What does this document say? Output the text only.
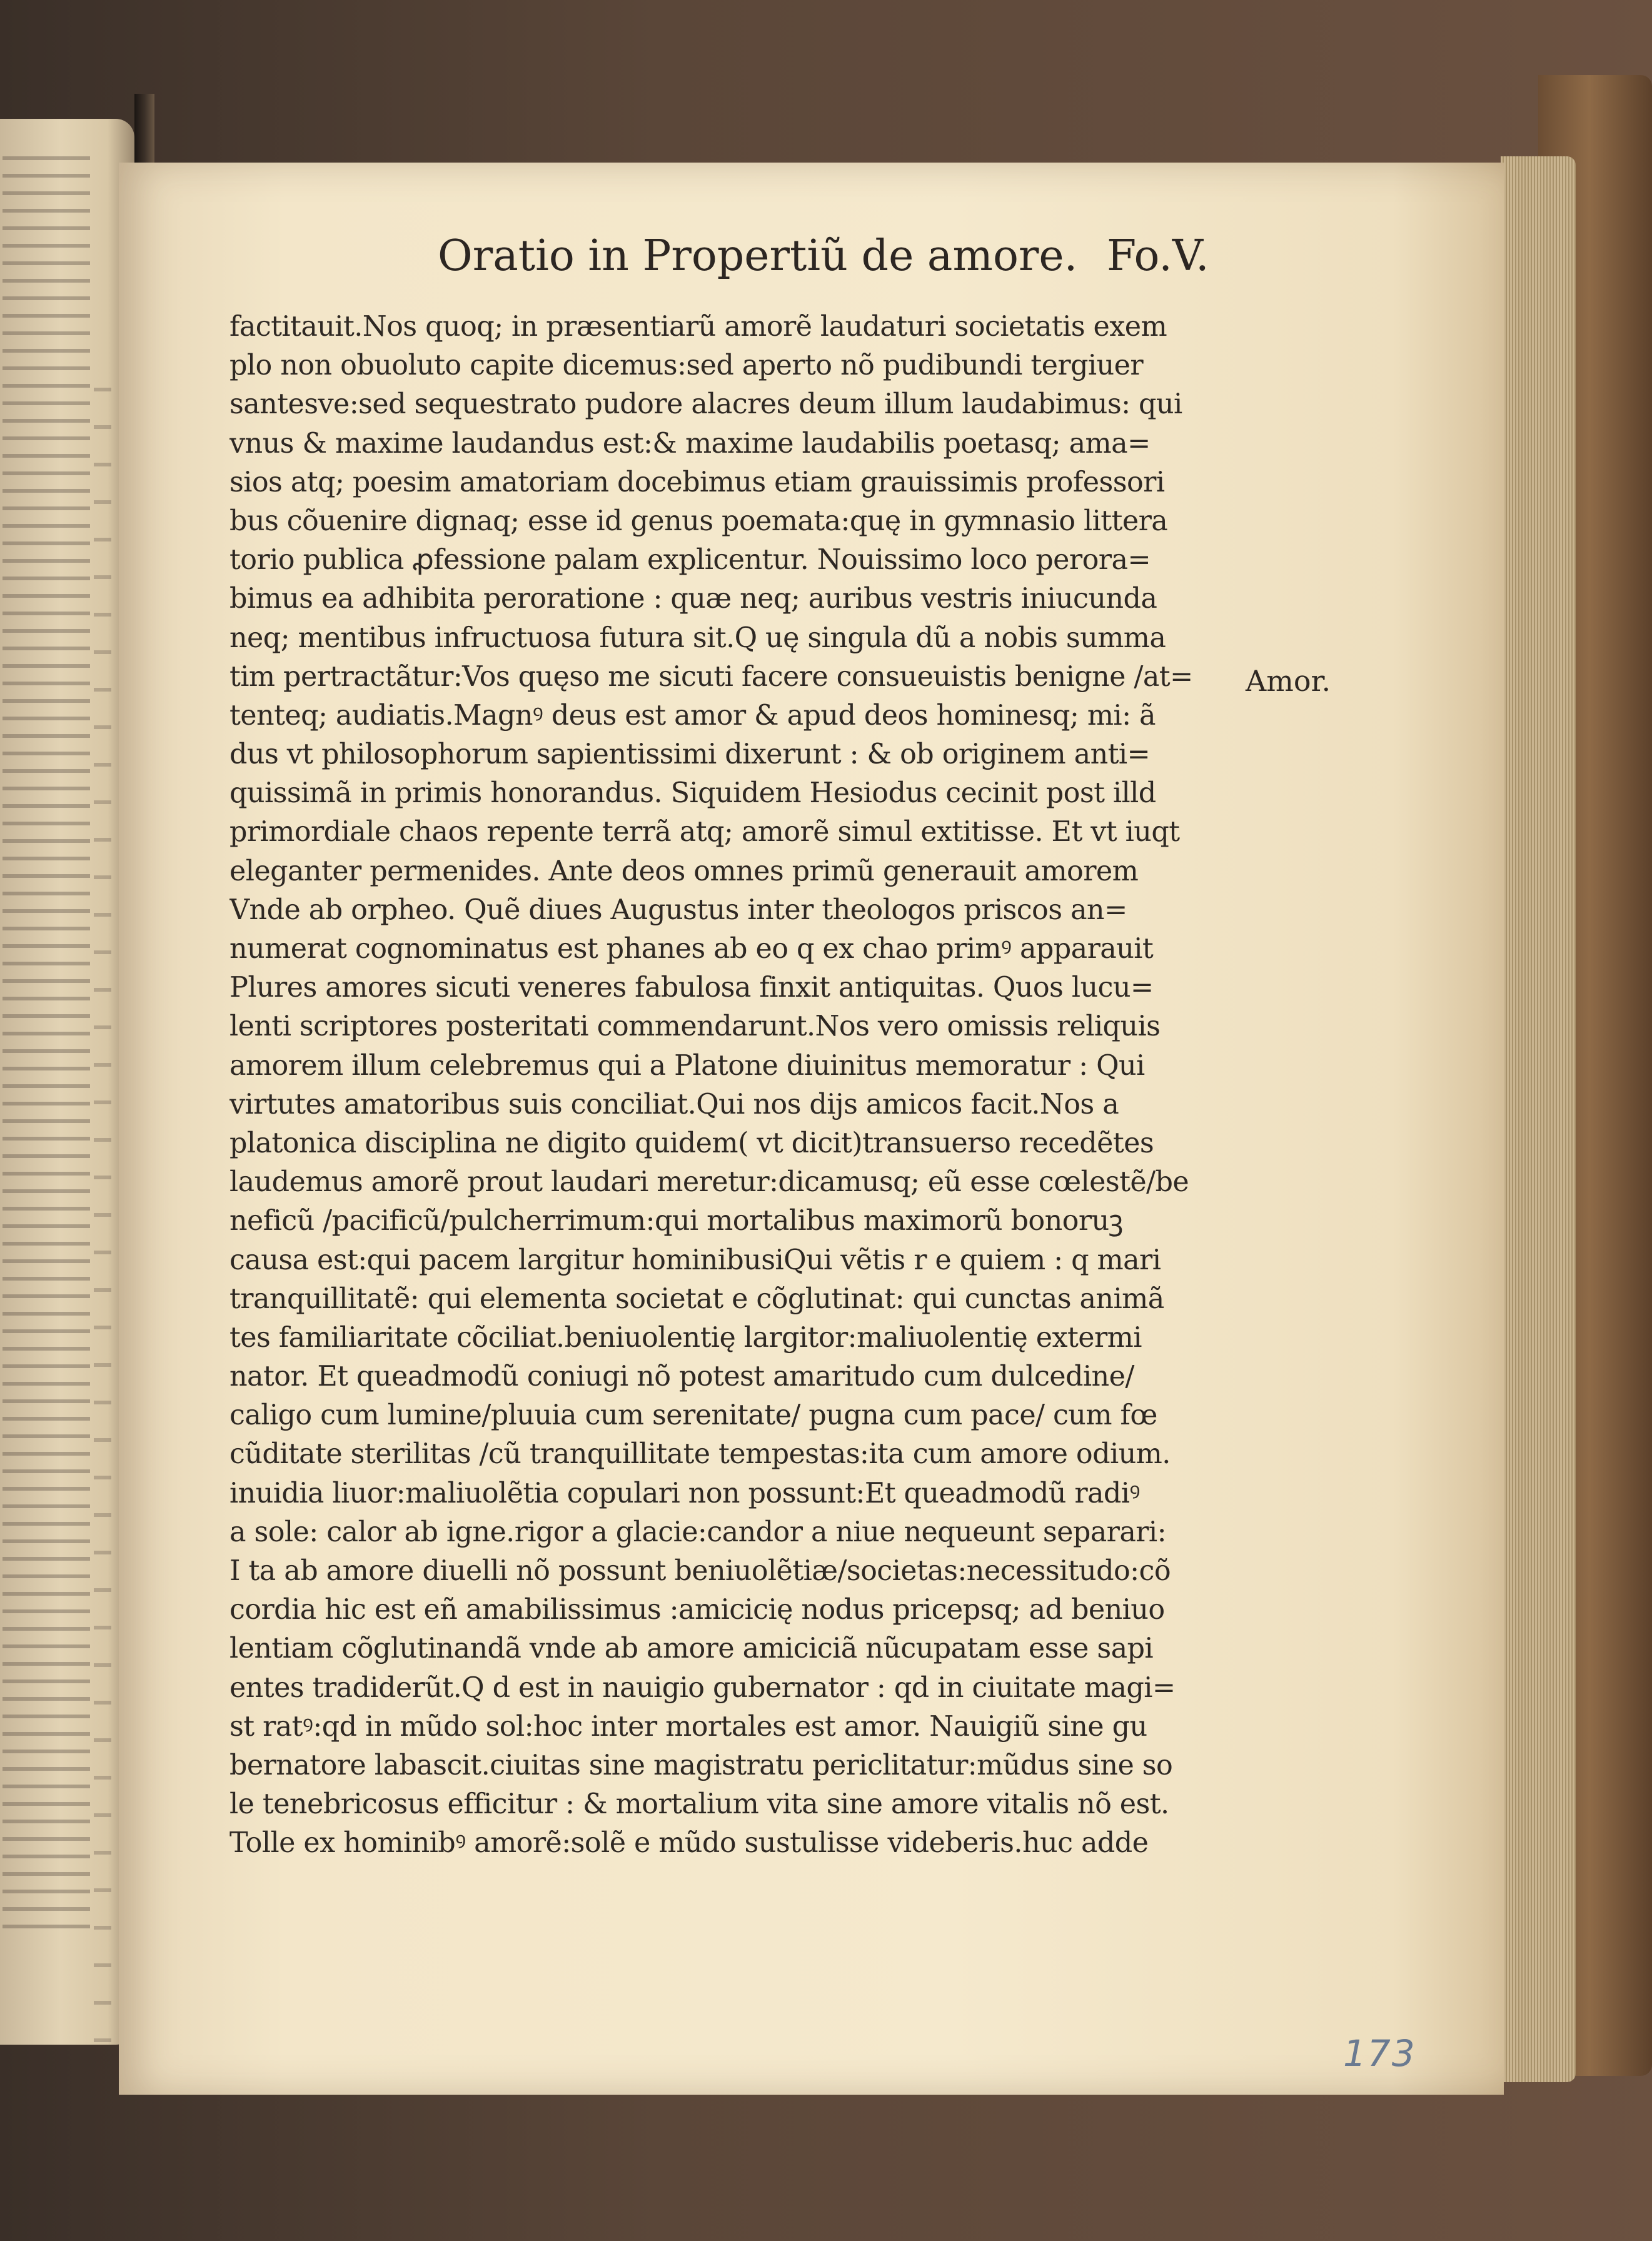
Oratio in Propertiũ de amore. Fo.V.
factitauit.Nos quoq; in præsentiarũ amorẽ laudaturi societatis exem
plo non obuoluto capite dicemus:sed aperto nõ pudibundi tergiuer
santesve:sed sequestrato pudore alacres deum illum laudabimus: qui
vnus & maxime laudandus est:& maxime laudabilis poetasq; ama=
sios atq; poesim amatoriam docebimus etiam grauissimis professori
bus cõuenire dignaq; esse id genus poemata:quę in gymnasio littera
torio publica ꝓfessione palam explicentur. Nouissimo loco perora=
bimus ea adhibita peroratione : quæ neq; auribus vestris iniucunda
neq; mentibus infructuosa futura sit.Q uę singula dũ a nobis summa
tim pertractãtur:Vos quęso me sicuti facere consueuistis benigne /at=
tenteq; audiatis.Magnꝰ deus est amor & apud deos hominesq; mi: ã
dus vt philosophorum sapientissimi dixerunt : & ob originem anti=
quissimã in primis honorandus. Siquidem Hesiodus cecinit post illd
primordiale chaos repente terrã atq; amorẽ simul extitisse. Et vt iuqt
eleganter permenides. Ante deos omnes primũ generauit amorem
Vnde ab orpheo. Quẽ diues Augustus inter theologos priscos an=
numerat cognominatus est phanes ab eo q ex chao primꝰ apparauit
Plures amores sicuti veneres fabulosa finxit antiquitas. Quos lucu=
lenti scriptores posteritati commendarunt.Nos vero omissis reliquis
amorem illum celebremus qui a Platone diuinitus memoratur : Qui
virtutes amatoribus suis conciliat.Qui nos dijs amicos facit.Nos a
platonica disciplina ne digito quidem( vt dicit)transuerso recedẽtes
laudemus amorẽ prout laudari meretur:dicamusq; eũ esse cœlestẽ/be
neficũ /pacificũ/pulcherrimum:qui mortalibus maximorũ bonoruꝫ
causa est:qui pacem largitur hominibusiQui vẽtis r e quiem : q mari
tranquillitatẽ: qui elementa societat e cõglutinat: qui cunctas animã
tes familiaritate cõciliat.beniuolentię largitor:maliuolentię extermi
nator. Et queadmodũ coniugi nõ potest amaritudo cum dulcedine/
caligo cum lumine/pluuia cum serenitate/ pugna cum pace/ cum fœ
cũditate sterilitas /cũ tranquillitate tempestas:ita cum amore odium.
inuidia liuor:maliuolẽtia copulari non possunt:Et queadmodũ radiꝰ
a sole: calor ab igne.rigor a glacie:candor a niue nequeunt separari:
I ta ab amore diuelli nõ possunt beniuolẽtiæ/societas:necessitudo:cõ
cordia hic est eñ amabilissimus :amicicię nodus pricepsq; ad beniuo
lentiam cõglutinandã vnde ab amore amiciciã nũcupatam esse sapi
entes tradiderũt.Q d est in nauigio gubernator : qd in ciuitate magi=
st ratꝰ:qd in mũdo sol:hoc inter mortales est amor. Nauigiũ sine gu
bernatore labascit.ciuitas sine magistratu periclitatur:mũdus sine so
le tenebricosus efficitur : & mortalium vita sine amore vitalis nõ est.
Tolle ex hominibꝰ amorẽ:solẽ e mũdo sustulisse videberis.huc adde
Amor.
173
